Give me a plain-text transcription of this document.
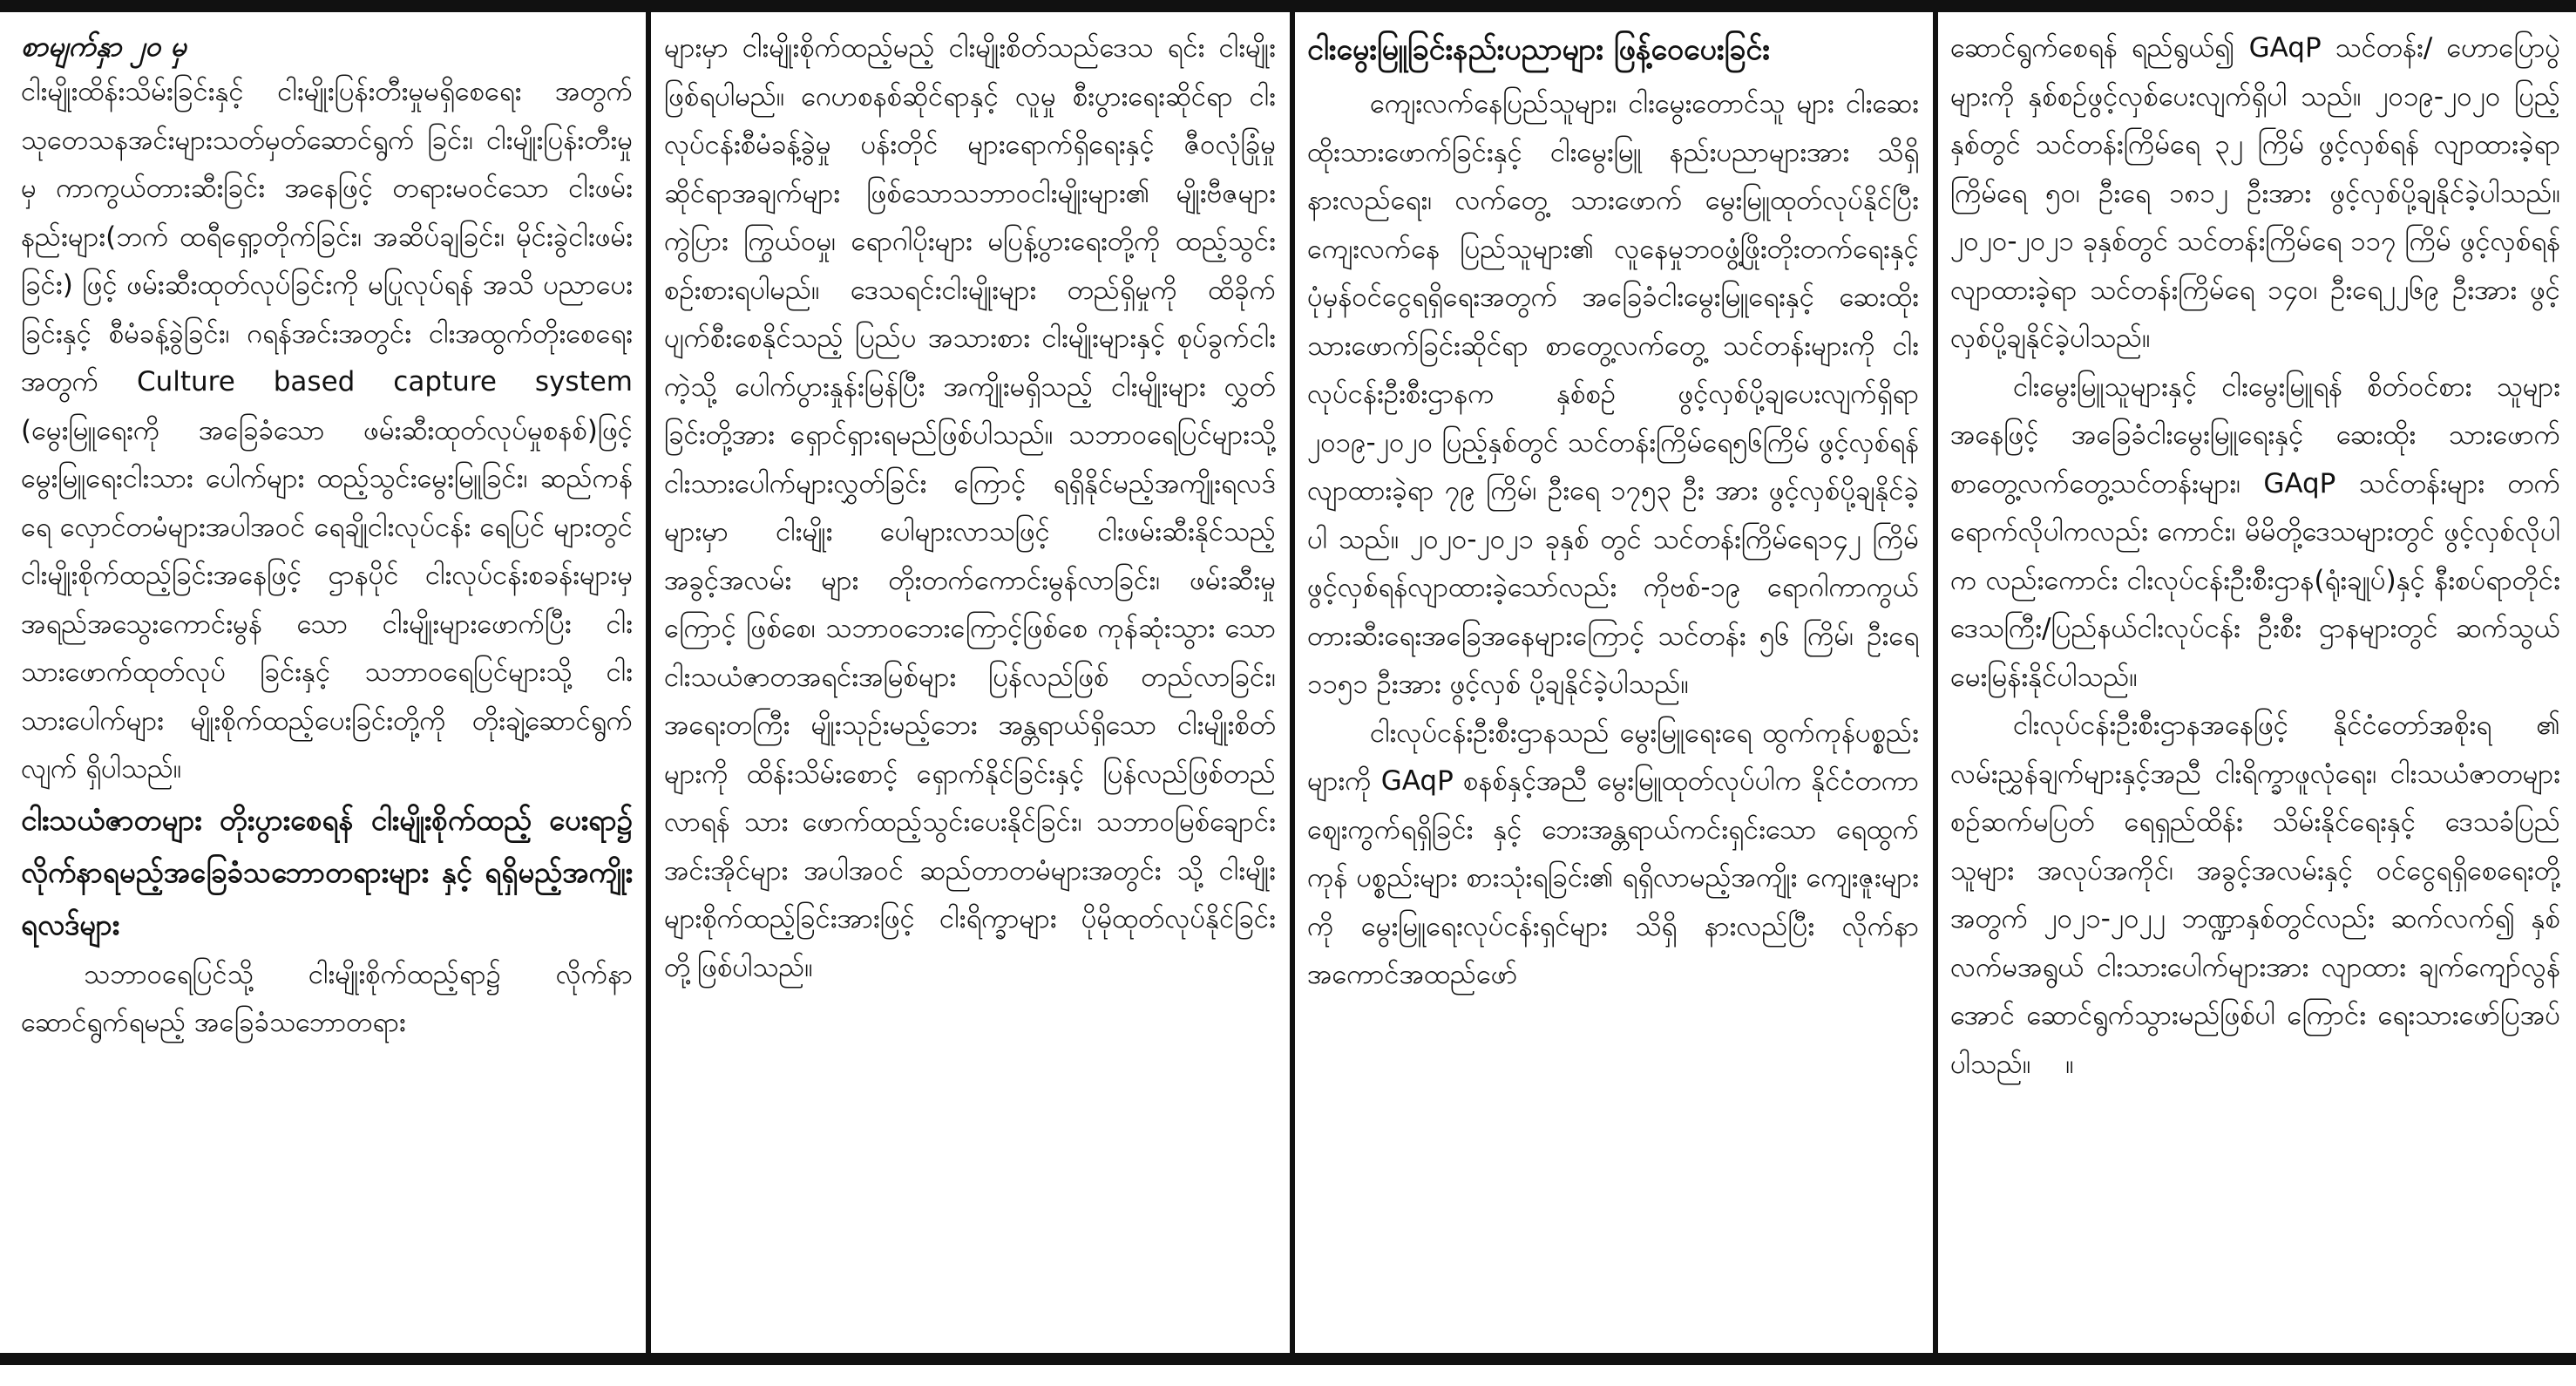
စာမျက်နှာ ၂၀ မှ

ငါးမျိုးထိန်းသိမ်းခြင်းနှင့် ငါးမျိုးပြန်းတီးမှုမရှိစေရေး အတွက် သုတေသနအင်းများသတ်မှတ်ဆောင်ရွက် ခြင်း၊ ငါးမျိုးပြန်းတီးမှုမှ ကာကွယ်တားဆီးခြင်း အနေဖြင့် တရားမဝင်သော ငါးဖမ်းနည်းများ(ဘက် ထရီရှော့တိုက်ခြင်း၊ အဆိပ်ချခြင်း၊ မိုင်းခွဲငါးဖမ်းခြင်း) ဖြင့် ဖမ်းဆီးထုတ်လုပ်ခြင်းကို မပြုလုပ်ရန် အသိ ပညာပေးခြင်းနှင့် စီမံခန့်ခွဲခြင်း၊ ဂရန်အင်းအတွင်း ငါးအထွက်တိုးစေရေးအတွက် Culture based capture system (မွေးမြူရေးကို အခြေခံသော ဖမ်းဆီးထုတ်လုပ်မှုစနစ်)ဖြင့် မွေးမြူရေးငါးသား ပေါက်များ ထည့်သွင်းမွေးမြူခြင်း၊ ဆည်ကန် ရေ လှောင်တမံများအပါအဝင် ရေချိုငါးလုပ်ငန်း ရေပြင် များတွင် ငါးမျိုးစိုက်ထည့်ခြင်းအနေဖြင့် ဌာနပိုင် ငါးလုပ်ငန်းစခန်းများမှ အရည်အသွေးကောင်းမွန် သော ငါးမျိုးများဖောက်ပြီး ငါးသားဖောက်ထုတ်လုပ် ခြင်းနှင့် သဘာဝရေပြင်များသို့ ငါးသားပေါက်များ မျိုးစိုက်ထည့်ပေးခြင်းတို့ကို တိုးချဲ့ဆောင်ရွက်လျက် ရှိပါသည်။

ငါးသယံဇာတများ တိုးပွားစေရန် ငါးမျိုးစိုက်ထည့် ပေးရာ၌ လိုက်နာရမည့်အခြေခံသဘောတရားများ နှင့် ရရှိမည့်အကျိုးရလဒ်များ

သဘာဝရေပြင်သို့ ငါးမျိုးစိုက်ထည့်ရာ၌ လိုက်နာဆောင်ရွက်ရမည့် အခြေခံသဘောတရား

များမှာ ငါးမျိုးစိုက်ထည့်မည့် ငါးမျိုးစိတ်သည်ဒေသ ရင်း ငါးမျိုးဖြစ်ရပါမည်။ ဂေဟစနစ်ဆိုင်ရာနှင့် လူမှု စီးပွားရေးဆိုင်ရာ ငါးလုပ်ငန်းစီမံခန့်ခွဲမှု ပန်းတိုင် များရောက်ရှိရေးနှင့် ဇီဝလုံခြုံမှုဆိုင်ရာအချက်များ ဖြစ်သောသဘာဝငါးမျိုးများ၏ မျိုးဗီဇများကွဲပြား ကြွယ်ဝမှု၊ ရောဂါပိုးများ မပြန့်ပွားရေးတို့ကို ထည့်သွင်းစဉ်းစားရပါမည်။ ဒေသရင်းငါးမျိုးများ တည်ရှိမှုကို ထိခိုက်ပျက်စီးစေနိုင်သည့် ပြည်ပ အသားစား ငါးမျိုးများနှင့် စုပ်ခွက်ငါးကဲ့သို့ ပေါက်ပွားနှုန်းမြန်ပြီး အကျိုးမရှိသည့် ငါးမျိုးများ လွှတ်ခြင်းတို့အား ရှောင်ရှားရမည်ဖြစ်ပါသည်။ သဘာဝရေပြင်များသို့ ငါးသားပေါက်များလွှတ်ခြင်း ကြောင့် ရရှိနိုင်မည့်အကျိုးရလဒ်များမှာ ငါးမျိုး ပေါများလာသဖြင့် ငါးဖမ်းဆီးနိုင်သည့် အခွင့်အလမ်း များ တိုးတက်ကောင်းမွန်လာခြင်း၊ ဖမ်းဆီးမှုကြောင့် ဖြစ်စေ၊ သဘာဝဘေးကြောင့်ဖြစ်စေ ကုန်ဆုံးသွား သော ငါးသယံဇာတအရင်းအမြစ်များ ပြန်လည်ဖြစ် တည်လာခြင်း၊ အရေးတကြီး မျိုးသုဉ်းမည့်ဘေး အန္တရာယ်ရှိသော ငါးမျိုးစိတ်များကို ထိန်းသိမ်းစောင့် ရှောက်နိုင်ခြင်းနှင့် ပြန်လည်ဖြစ်တည်လာရန် သား ဖောက်ထည့်သွင်းပေးနိုင်ခြင်း၊ သဘာဝမြစ်ချောင်း အင်းအိုင်များ အပါအဝင် ဆည်တာတမံများအတွင်း သို့ ငါးမျိုးများစိုက်ထည့်ခြင်းအားဖြင့် ငါးရိက္ခာများ ပိုမိုထုတ်လုပ်နိုင်ခြင်းတို့ဖြစ်ပါသည်။

ငါးမွေးမြူခြင်းနည်းပညာများ ဖြန့်ဝေပေးခြင်း

ကျေးလက်နေပြည်သူများ၊ ငါးမွေးတောင်သူ များ ငါးဆေးထိုးသားဖောက်ခြင်းနှင့် ငါးမွေးမြူ နည်းပညာများအား သိရှိနားလည်ရေး၊ လက်တွေ့ သားဖောက် မွေးမြူထုတ်လုပ်နိုင်ပြီး ကျေးလက်နေ ပြည်သူများ၏ လူနေမှုဘဝဖွံ့ဖြိုးတိုးတက်ရေးနှင့် ပုံမှန်ဝင်ငွေရရှိရေးအတွက် အခြေခံငါးမွေးမြူရေးနှင့် ဆေးထိုး သားဖောက်ခြင်းဆိုင်ရာ စာတွေ့လက်တွေ့ သင်တန်းများကို ငါးလုပ်ငန်းဦးစီးဌာနက နှစ်စဉ် ဖွင့်လှစ်ပို့ချပေးလျက်ရှိရာ ၂၀၁၉-၂၀၂၀ ပြည့်နှစ်တွင် သင်တန်းကြိမ်ရေ၅၆ကြိမ် ဖွင့်လှစ်ရန် လျာထားခဲ့ရာ ၇၉ ကြိမ်၊ ဦးရေ ၁၇၅၃ ဦး အား ဖွင့်လှစ်ပို့ချနိုင်ခဲ့ပါ သည်။ ၂၀၂၀-၂၀၂၁ ခုနှစ် တွင် သင်တန်းကြိမ်ရေ၁၄၂ ကြိမ် ဖွင့်လှစ်ရန်လျာထားခဲ့သော်လည်း ကိုဗစ်-၁၉ ရောဂါကာကွယ်တားဆီးရေးအခြေအနေများကြောင့် သင်တန်း ၅၆ ကြိမ်၊ ဦးရေ ၁၁၅၁ ဦးအား ဖွင့်လှစ် ပို့ချနိုင်ခဲ့ပါသည်။

ငါးလုပ်ငန်းဦးစီးဌာနသည် မွေးမြူရေးရေ ထွက်ကုန်ပစ္စည်းများကို GAqP စနစ်နှင့်အညီ မွေးမြူထုတ်လုပ်ပါက နိုင်ငံတကာဈေးကွက်ရရှိခြင်း နှင့် ဘေးအန္တရာယ်ကင်းရှင်းသော ရေထွက်ကုန် ပစ္စည်းများ စားသုံးရခြင်း၏ ရရှိလာမည့်အကျိုး ကျေးဇူးများကို မွေးမြူရေးလုပ်ငန်းရှင်များ သိရှိ နားလည်ပြီး လိုက်နာအကောင်အထည်ဖော်

ဆောင်ရွက်စေရန် ရည်ရွယ်၍ GAqP သင်တန်း/ ဟောပြောပွဲများကို နှစ်စဉ်ဖွင့်လှစ်ပေးလျက်ရှိပါ သည်။ ၂၀၁၉-၂၀၂၀ ပြည့်နှစ်တွင် သင်တန်းကြိမ်ရေ ၃၂ ကြိမ် ဖွင့်လှစ်ရန် လျာထားခဲ့ရာ ကြိမ်ရေ ၅၀၊ ဦးရေ ၁၈၁၂ ဦးအား ဖွင့်လှစ်ပို့ချနိုင်ခဲ့ပါသည်။ ၂၀၂၀-၂၀၂၁ ခုနှစ်တွင် သင်တန်းကြိမ်ရေ ၁၁၇ ကြိမ် ဖွင့်လှစ်ရန်လျာထားခဲ့ရာ သင်တန်းကြိမ်ရေ ၁၄၀၊ ဦးရေ၂၂၆၉ ဦးအား ဖွင့်လှစ်ပို့ချနိုင်ခဲ့ပါသည်။

ငါးမွေးမြူသူများနှင့် ငါးမွေးမြူရန် စိတ်ဝင်စား သူများအနေဖြင့် အခြေခံငါးမွေးမြူရေးနှင့် ဆေးထိုး သားဖောက် စာတွေ့လက်တွေ့သင်တန်းများ၊ GAqP သင်တန်းများ တက်ရောက်လိုပါကလည်း ကောင်း၊ မိမိတို့ဒေသများတွင် ဖွင့်လှစ်လိုပါက လည်းကောင်း ငါးလုပ်ငန်းဦးစီးဌာန(ရုံးချုပ်)နှင့် နီးစပ်ရာတိုင်းဒေသကြီး/ပြည်နယ်ငါးလုပ်ငန်း ဦးစီး ဌာနများတွင် ဆက်သွယ်မေးမြန်းနိုင်ပါသည်။

ငါးလုပ်ငန်းဦးစီးဌာနအနေဖြင့် နိုင်ငံတော်အစိုးရ ၏ လမ်းညွှန်ချက်များနှင့်အညီ ငါးရိက္ခာဖူလုံရေး၊ ငါးသယံဇာတများ စဉ်ဆက်မပြတ် ရေရှည်ထိန်း သိမ်းနိုင်ရေးနှင့် ဒေသခံပြည်သူများ အလုပ်အကိုင်၊ အခွင့်အလမ်းနှင့် ဝင်ငွေရရှိစေရေးတို့အတွက် ၂၀၂၁-၂၀၂၂ ဘဏ္ဍာနှစ်တွင်လည်း ဆက်လက်၍ နှစ်လက်မအရွယ် ငါးသားပေါက်များအား လျာထား ချက်ကျော်လွန်အောင် ဆောင်ရွက်သွားမည်ဖြစ်ပါ ကြောင်း ရေးသားဖော်ပြအပ်ပါသည်။ ။
